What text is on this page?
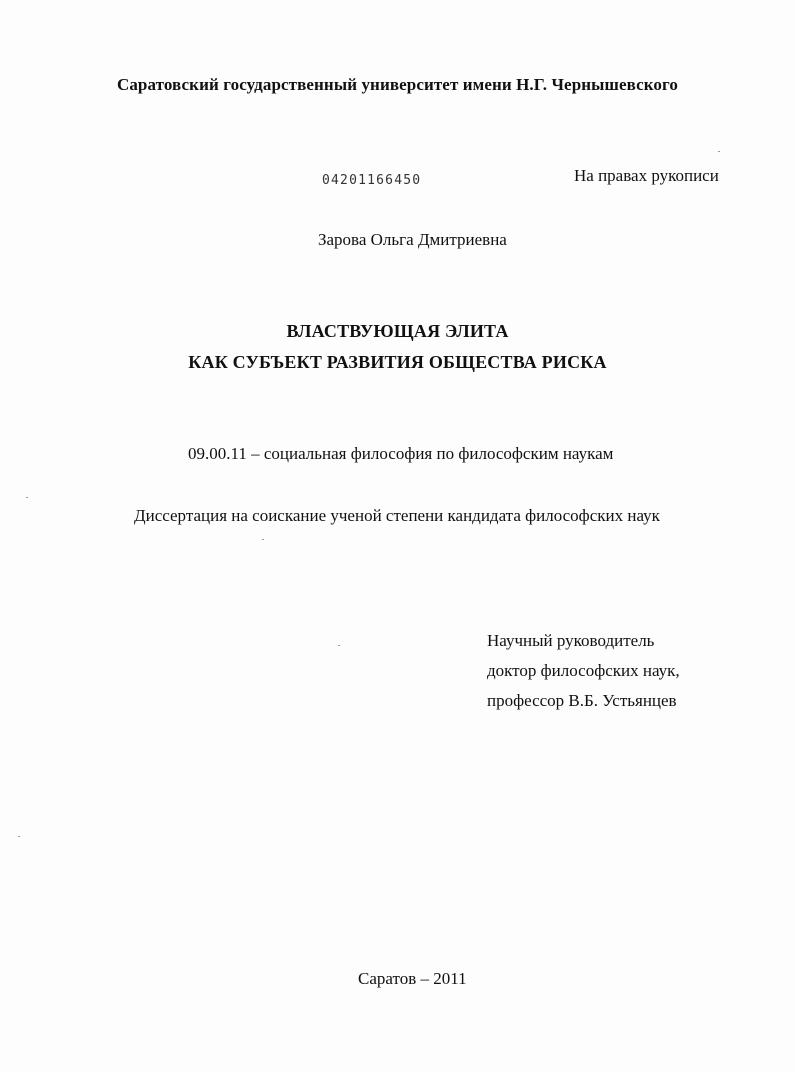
Саратовский государственный университет имени Н.Г. Чернышевского
04201166450	На правах рукописи
Зарова Ольга Дмитриевна
ВЛАСТВУЮЩАЯ ЭЛИТА
КАК СУБЪЕКТ РАЗВИТИЯ ОБЩЕСТВА РИСКА
09.00.11 – социальная философия по философским наукам
Диссертация на соискание ученой степени кандидата философских наук
Научный руководитель
доктор философских наук,
профессор В.Б. Устьянцев
Саратов – 2011
